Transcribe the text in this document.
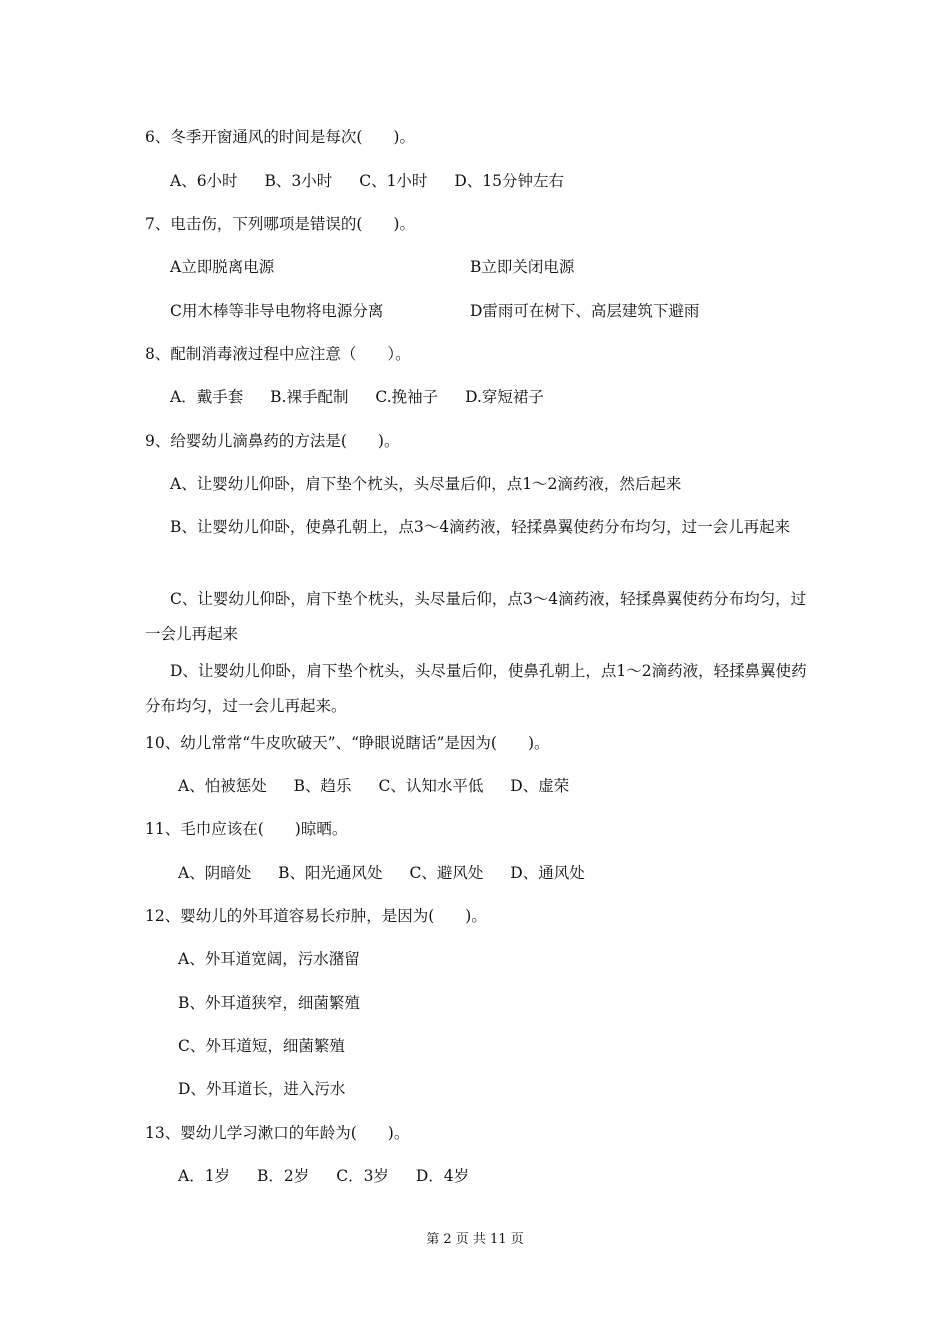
6、冬季开窗通风的时间是每次(　　)。
A、6小时 B、3小时 C、1小时 D、15分钟左右
7、电击伤，下列哪项是错误的(　　)。
A立即脱离电源	B立即关闭电源
C用木棒等非导电物将电源分离	D雷雨可在树下、高层建筑下避雨
8、配制消毒液过程中应注意（　　）。
A．戴手套 B.裸手配制 C.挽袖子 D.穿短裙子
9、给婴幼儿滴鼻药的方法是(　　)。
A、让婴幼儿仰卧，肩下垫个枕头，头尽量后仰，点1～2滴药液，然后起来
B、让婴幼儿仰卧，使鼻孔朝上，点3～4滴药液，轻揉鼻翼使药分布均匀，过一会儿再起来
C、让婴幼儿仰卧，肩下垫个枕头，头尽量后仰，点3～4滴药液，轻揉鼻翼使药分布均匀，过一会儿再起来
D、让婴幼儿仰卧，肩下垫个枕头，头尽量后仰，使鼻孔朝上，点1～2滴药液，轻揉鼻翼使药分布均匀，过一会儿再起来。
10、幼儿常常“牛皮吹破天”、“睁眼说瞎话”是因为(　　)。
A、怕被惩处 B、趋乐 C、认知水平低 D、虚荣
11、毛巾应该在(　　)晾晒。
A、阴暗处 B、阳光通风处 C、避风处 D、通风处
12、婴幼儿的外耳道容易长疖肿，是因为(　　)。
A、外耳道宽阔，污水潴留
B、外耳道狭窄，细菌繁殖
C、外耳道短，细菌繁殖
D、外耳道长，进入污水
13、婴幼儿学习漱口的年龄为(　　)。
A．1岁 B．2岁 C．3岁 D．4岁
第 2 页 共 11 页
